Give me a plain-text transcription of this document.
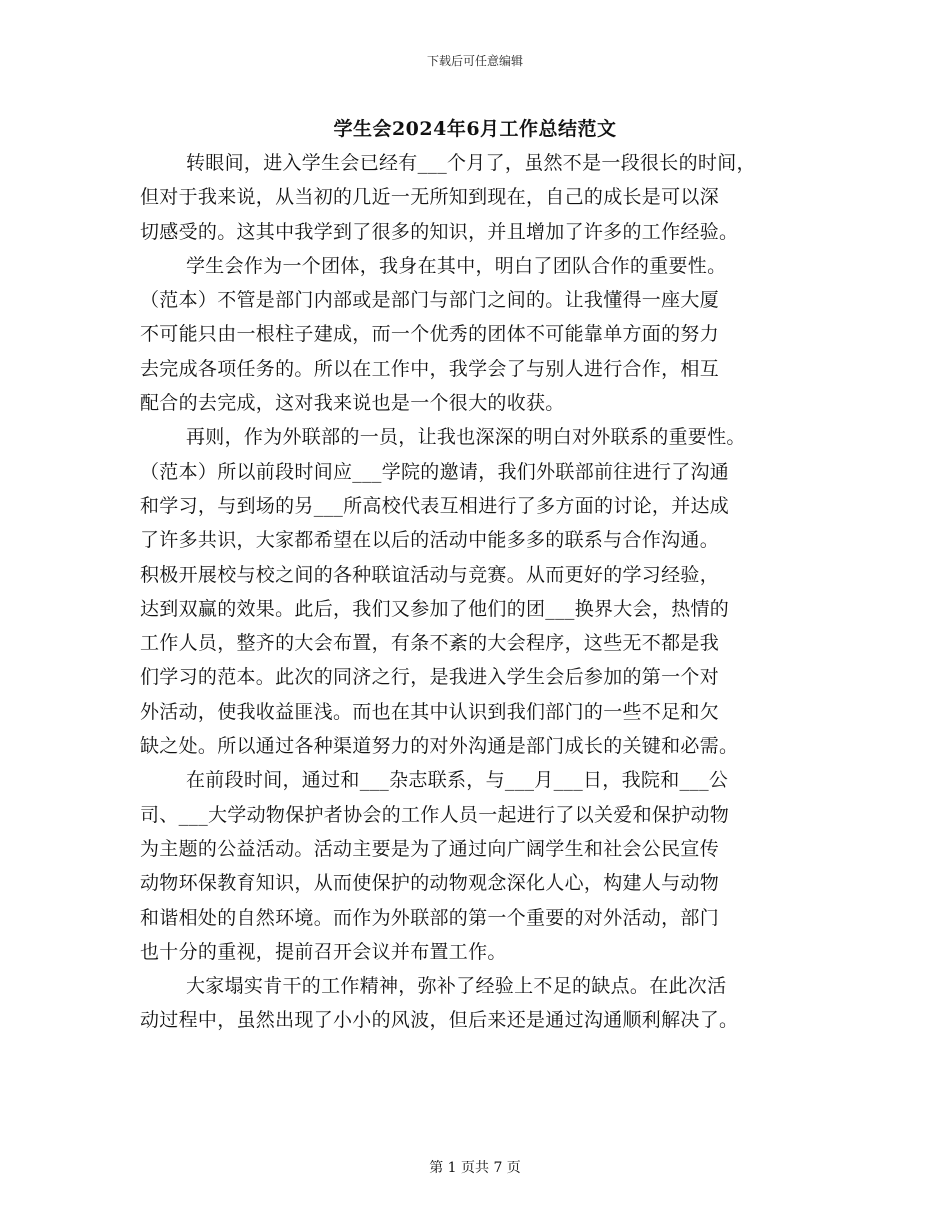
下载后可任意编辑
学生会2024年6月工作总结范文
转眼间，进入学生会已经有___个月了，虽然不是一段很长的时间，
但对于我来说，从当初的几近一无所知到现在，自己的成长是可以深
切感受的。这其中我学到了很多的知识，并且增加了许多的工作经验。
学生会作为一个团体，我身在其中，明白了团队合作的重要性。
（范本）不管是部门内部或是部门与部门之间的。让我懂得一座大厦
不可能只由一根柱子建成，而一个优秀的团体不可能靠单方面的努力
去完成各项任务的。所以在工作中，我学会了与别人进行合作，相互
配合的去完成，这对我来说也是一个很大的收获。
再则，作为外联部的一员，让我也深深的明白对外联系的重要性。
（范本）所以前段时间应___学院的邀请，我们外联部前往进行了沟通
和学习，与到场的另___所高校代表互相进行了多方面的讨论，并达成
了许多共识，大家都希望在以后的活动中能多多的联系与合作沟通。
积极开展校与校之间的各种联谊活动与竞赛。从而更好的学习经验，
达到双赢的效果。此后，我们又参加了他们的团___换界大会，热情的
工作人员，整齐的大会布置，有条不紊的大会程序，这些无不都是我
们学习的范本。此次的同济之行，是我进入学生会后参加的第一个对
外活动，使我收益匪浅。而也在其中认识到我们部门的一些不足和欠
缺之处。所以通过各种渠道努力的对外沟通是部门成长的关键和必需。
在前段时间，通过和___杂志联系，与___月___日，我院和___公
司、___大学动物保护者协会的工作人员一起进行了以关爱和保护动物
为主题的公益活动。活动主要是为了通过向广阔学生和社会公民宣传
动物环保教育知识，从而使保护的动物观念深化人心，构建人与动物
和谐相处的自然环境。而作为外联部的第一个重要的对外活动，部门
也十分的重视，提前召开会议并布置工作。
大家塌实肯干的工作精神，弥补了经验上不足的缺点。在此次活
动过程中，虽然出现了小小的风波，但后来还是通过沟通顺利解决了。
第 1 页共 7 页
